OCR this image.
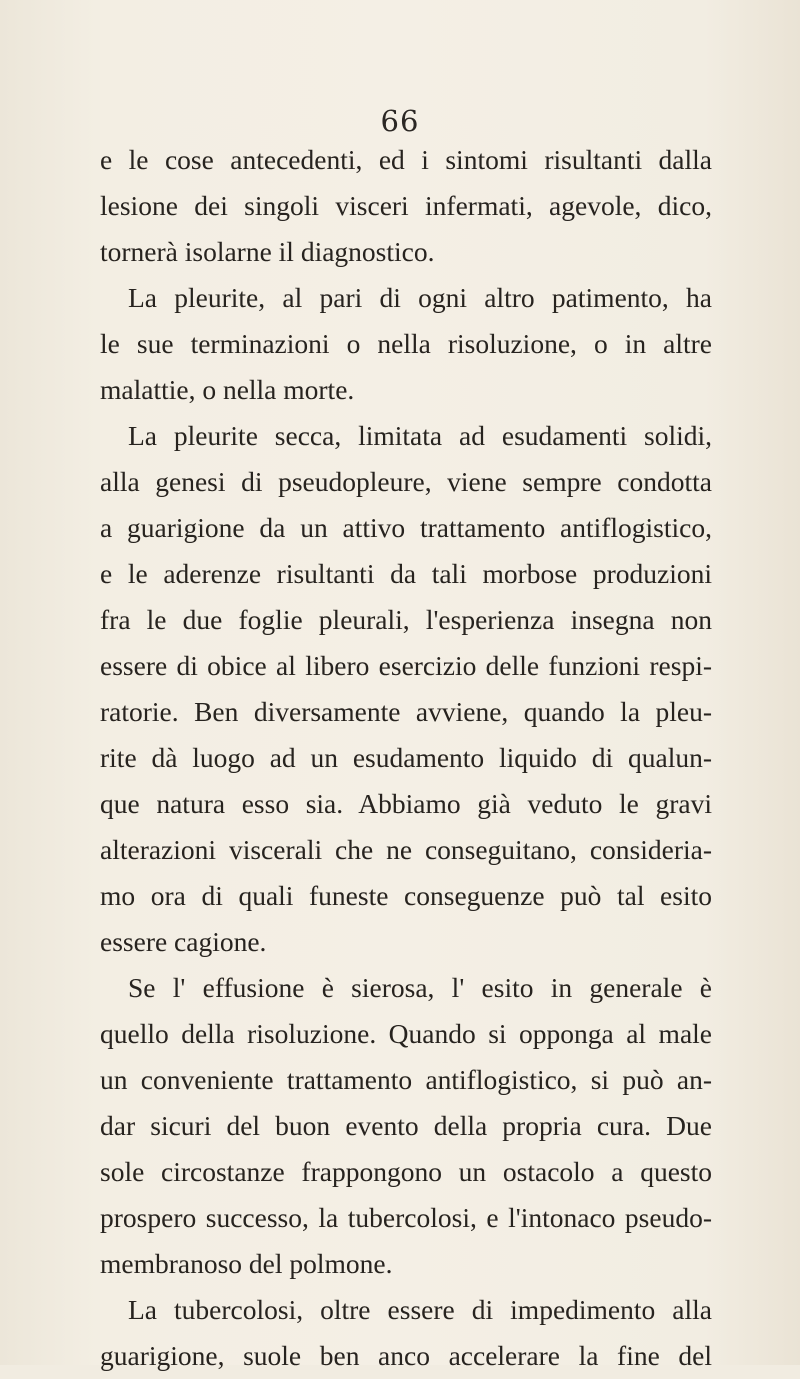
66
e le cose antecedenti, ed i sintomi risultanti dalla
lesione dei singoli visceri infermati, agevole, dico,
tornerà isolarne il diagnostico.
La pleurite, al pari di ogni altro patimento, ha
le sue terminazioni o nella risoluzione, o in altre
malattie, o nella morte.
La pleurite secca, limitata ad esudamenti solidi,
alla genesi di pseudopleure, viene sempre condotta
a guarigione da un attivo trattamento antiflogistico,
e le aderenze risultanti da tali morbose produzioni
fra le due foglie pleurali, l'esperienza insegna non
essere di obice al libero esercizio delle funzioni respi-
ratorie. Ben diversamente avviene, quando la pleu-
rite dà luogo ad un esudamento liquido di qualun-
que natura esso sia. Abbiamo già veduto le gravi
alterazioni viscerali che ne conseguitano, consideria-
mo ora di quali funeste conseguenze può tal esito
essere cagione.
Se l' effusione è sierosa, l' esito in generale è
quello della risoluzione. Quando si opponga al male
un conveniente trattamento antiflogistico, si può an-
dar sicuri del buon evento della propria cura. Due
sole circostanze frappongono un ostacolo a questo
prospero successo, la tubercolosi, e l'intonaco pseudo-
membranoso del polmone.
La tubercolosi, oltre essere di impedimento alla
guarigione, suole ben anco accelerare la fine del
